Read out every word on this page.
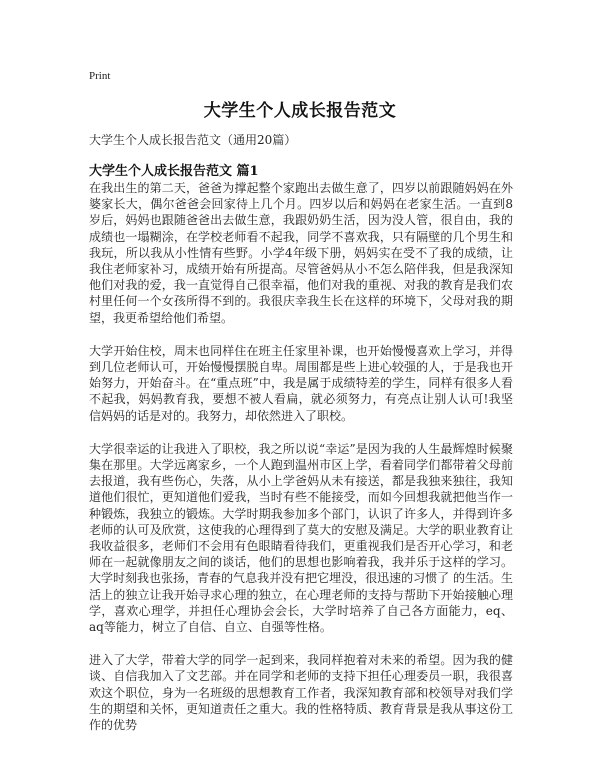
Print
大学生个人成长报告范文
大学生个人成长报告范文（通用20篇）
大学生个人成长报告范文 篇1

在我出生的第二天，爸爸为撑起整个家跑出去做生意了，四岁以前跟随妈妈在外婆家长大，偶尔爸爸会回家待上几个月。四岁以后和妈妈在老家生活。一直到8岁后，妈妈也跟随爸爸出去做生意，我跟奶奶生活，因为没人管，很自由，我的成绩也一塌糊涂，在学校老师看不起我，同学不喜欢我，只有隔壁的几个男生和我玩，所以我从小性情有些野。小学4年级下册，妈妈实在受不了我的成绩，让我住老师家补习，成绩开始有所提高。尽管爸妈从小不怎么陪伴我，但是我深知他们对我的爱，我一直觉得自己很幸福，他们对我的重视、对我的教育是我们农村里任何一个女孩所得不到的。我很庆幸我生长在这样的环境下，父母对我的期望，我更希望给他们希望。

大学开始住校，周末也同样住在班主任家里补课，也开始慢慢喜欢上学习，并得到几位老师认可，开始慢慢摆脱自卑。周围都是些上进心较强的人，于是我也开始努力，开始奋斗。在“重点班”中，我是属于成绩特差的学生，同样有很多人看不起我，妈妈教育我，要想不被人看扁，就必须努力，有亮点让别人认可!我坚信妈妈的话是对的。我努力，却依然进入了职校。

大学很幸运的让我进入了职校，我之所以说“幸运”是因为我的人生最辉煌时候聚集在那里。大学远离家乡，一个人跑到温州市区上学，看着同学们都带着父母前去报道，我有些伤心，失落，从小上学爸妈从未有接送，都是我独来独往，我知道他们很忙，更知道他们爱我，当时有些不能接受，而如今回想我就把他当作一种锻炼，我独立的锻炼。大学时期我参加多个部门，认识了许多人，并得到许多老师的认可及欣赏，这使我的心理得到了莫大的安慰及满足。大学的职业教育让我收益很多，老师们不会用有色眼睛看待我们，更重视我们是否开心学习，和老师在一起就像朋友之间的谈话，他们的思想也影响着我，我并乐于这样的学习。大学时刻我也张扬，青春的气息我并没有把它埋没，很迅速的习惯了 的生活。生活上的独立让我开始寻求心理的独立，在心理老师的支持与帮助下开始接触心理学，喜欢心理学，并担任心理协会会长，大学时培养了自己各方面能力，eq、aq等能力，树立了自信、自立、自强等性格。

进入了大学，带着大学的同学一起到来，我同样抱着对未来的希望。因为我的健谈、自信我加入了文艺部。并在同学和老师的支持下担任心理委员一职，我很喜欢这个职位，身为一名班级的思想教育工作者，我深知教育部和校领导对我们学生的期望和关怀，更知道责任之重大。我的性格特质、教育背景是我从事这份工作的优势
